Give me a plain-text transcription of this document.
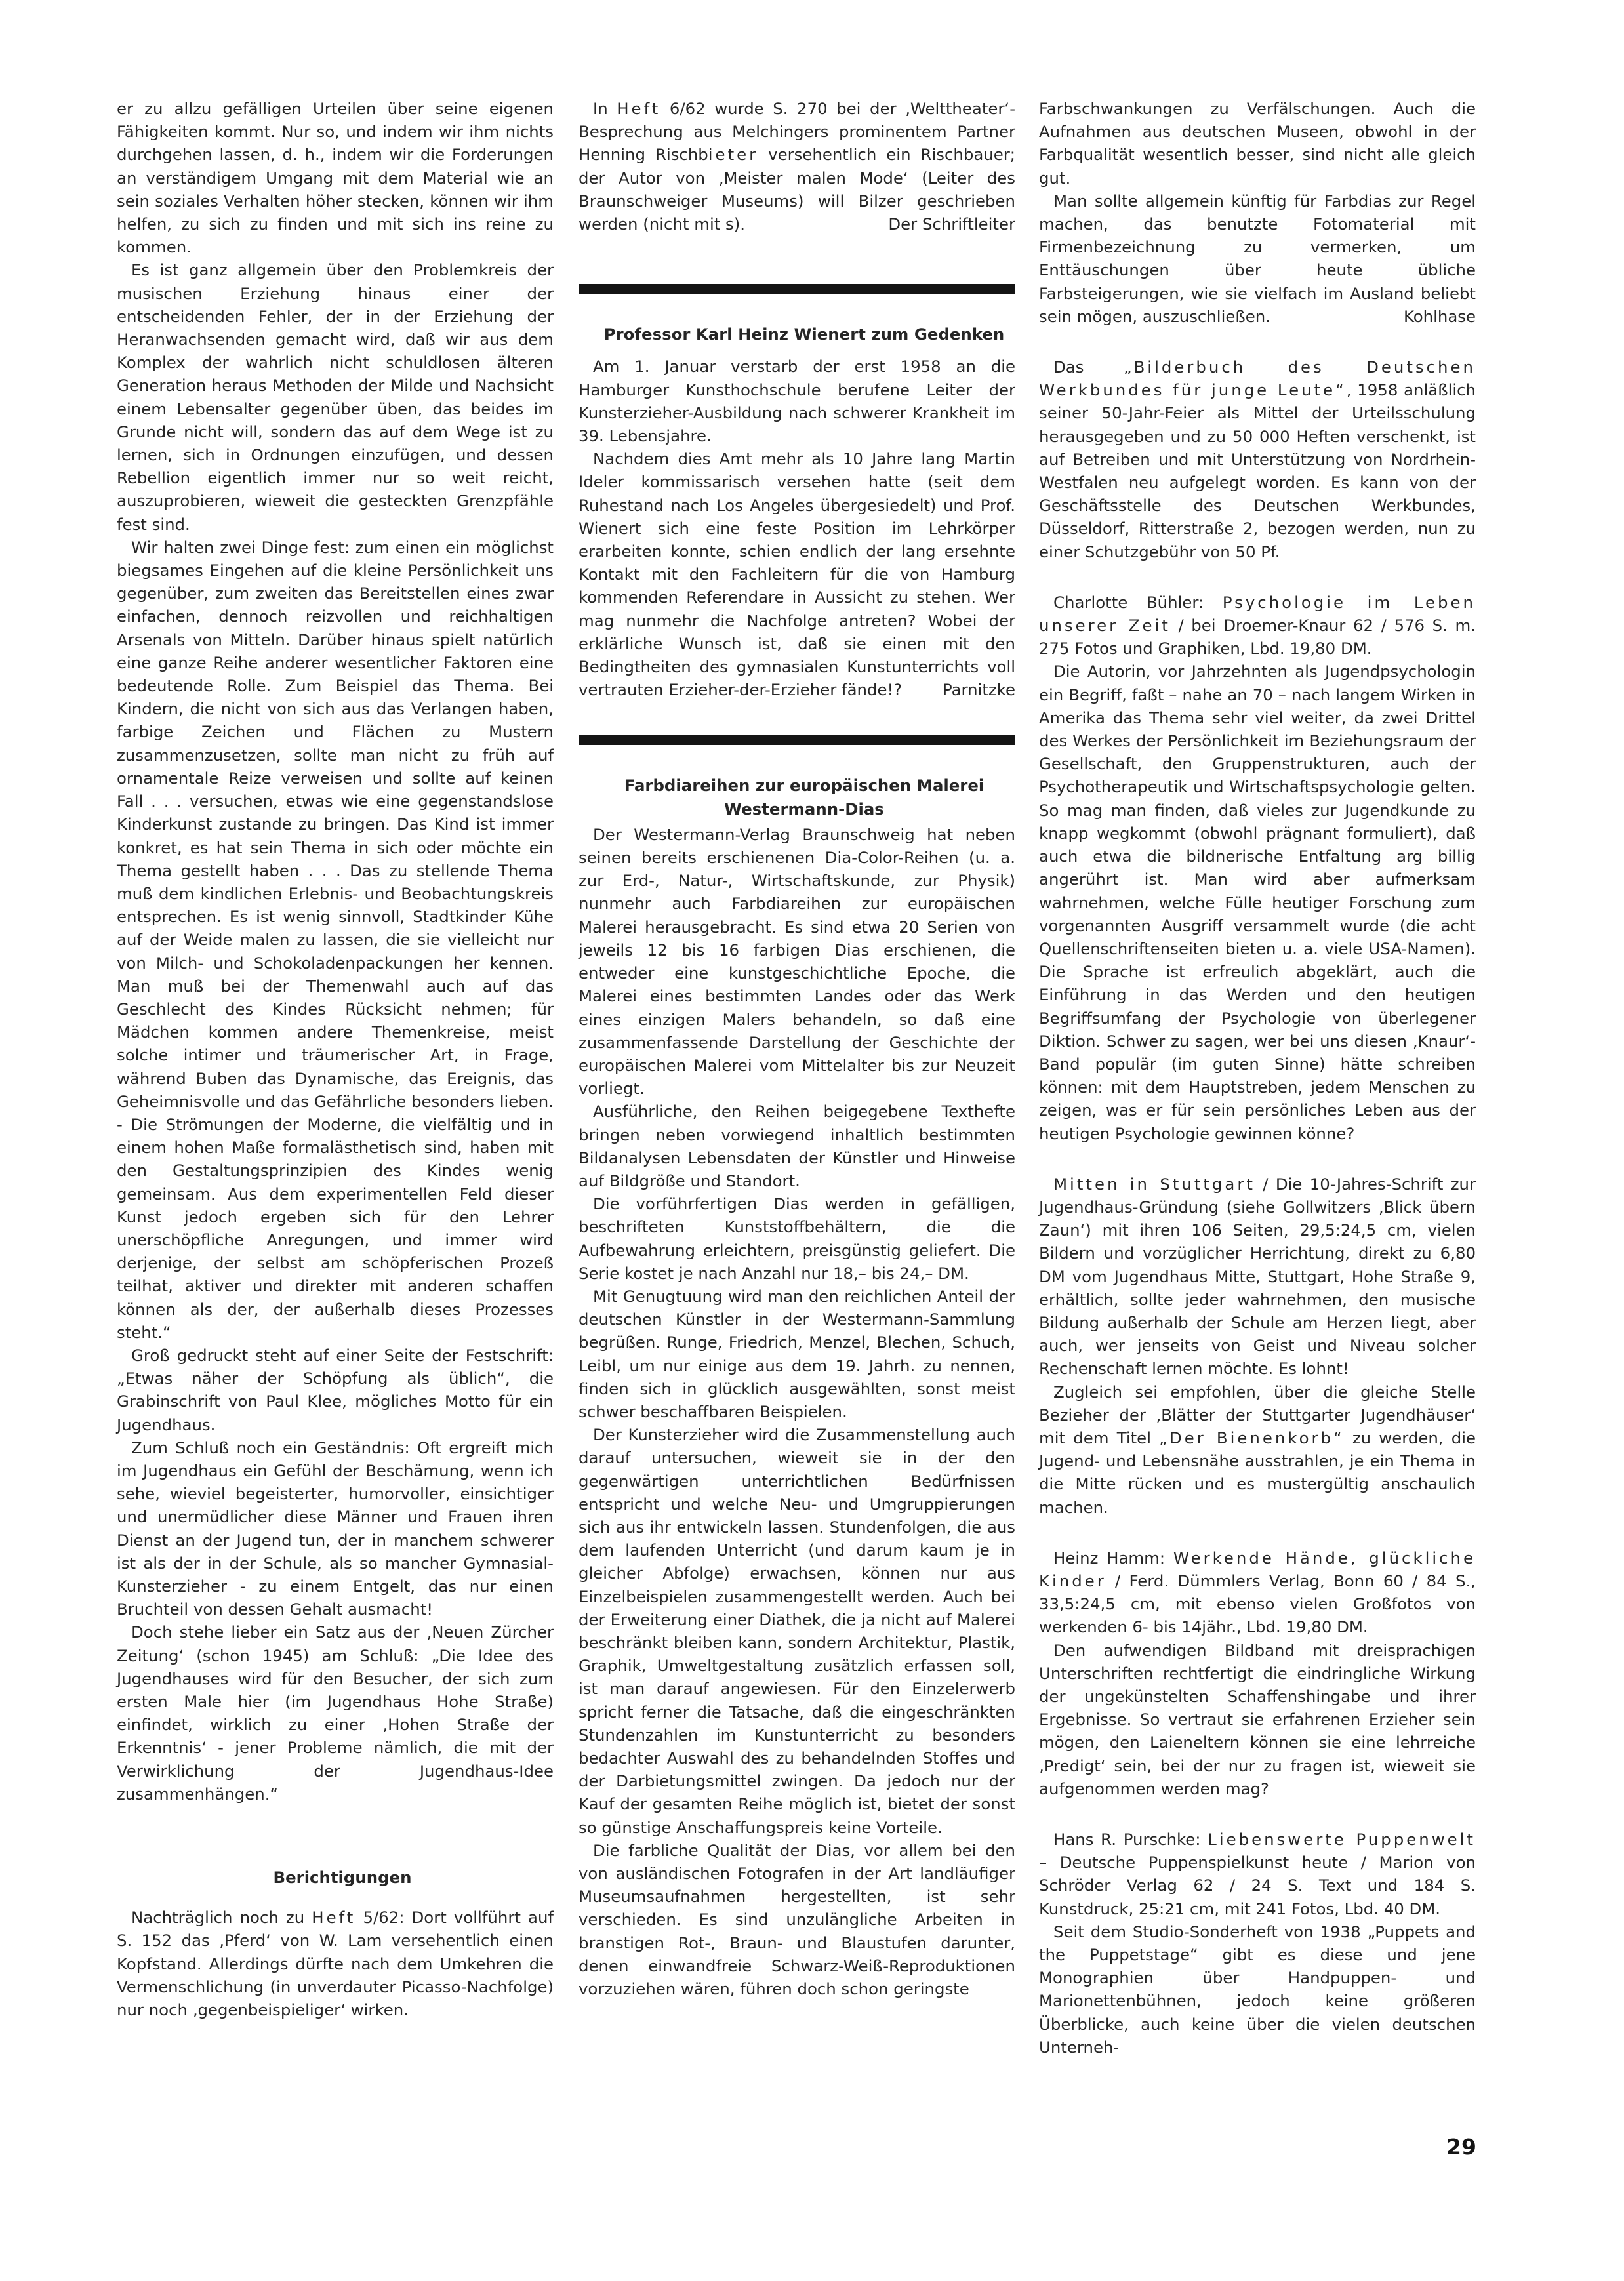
er zu allzu gefälligen Urteilen über seine eigenen Fähigkeiten kommt. Nur so, und indem wir ihm nichts durchgehen lassen, d. h., indem wir die Forderungen an verständigem Umgang mit dem Material wie an sein soziales Verhalten höher stecken, können wir ihm helfen, zu sich zu finden und mit sich ins reine zu kommen.

Es ist ganz allgemein über den Problemkreis der musischen Erziehung hinaus einer der entscheidenden Fehler, der in der Erziehung der Heranwachsenden gemacht wird, daß wir aus dem Komplex der wahrlich nicht schuldlosen älteren Generation heraus Methoden der Milde und Nachsicht einem Lebensalter gegenüber üben, das beides im Grunde nicht will, sondern das auf dem Wege ist zu lernen, sich in Ordnungen einzufügen, und dessen Rebellion eigentlich immer nur so weit reicht, auszuprobieren, wieweit die gesteckten Grenzpfähle fest sind.

Wir halten zwei Dinge fest: zum einen ein möglichst biegsames Eingehen auf die kleine Persönlichkeit uns gegenüber, zum zweiten das Bereitstellen eines zwar einfachen, dennoch reizvollen und reichhaltigen Arsenals von Mitteln. Darüber hinaus spielt natürlich eine ganze Reihe anderer wesentlicher Faktoren eine bedeutende Rolle. Zum Beispiel das Thema. Bei Kindern, die nicht von sich aus das Verlangen haben, farbige Zeichen und Flächen zu Mustern zusammenzusetzen, sollte man nicht zu früh auf ornamentale Reize verweisen und sollte auf keinen Fall . . . versuchen, etwas wie eine gegenstandslose Kinderkunst zustande zu bringen. Das Kind ist immer konkret, es hat sein Thema in sich oder möchte ein Thema gestellt haben . . . Das zu stellende Thema muß dem kindlichen Erlebnis- und Beobachtungskreis entsprechen. Es ist wenig sinnvoll, Stadtkinder Kühe auf der Weide malen zu lassen, die sie vielleicht nur von Milch- und Schokoladenpackungen her kennen. Man muß bei der Themenwahl auch auf das Geschlecht des Kindes Rücksicht nehmen; für Mädchen kommen andere Themenkreise, meist solche intimer und träumerischer Art, in Frage, während Buben das Dynamische, das Ereignis, das Geheimnisvolle und das Gefährliche besonders lieben. - Die Strömungen der Moderne, die vielfältig und in einem hohen Maße formalästhetisch sind, haben mit den Gestaltungsprinzipien des Kindes wenig gemeinsam. Aus dem experimentellen Feld dieser Kunst jedoch ergeben sich für den Lehrer unerschöpfliche Anregungen, und immer wird derjenige, der selbst am schöpferischen Prozeß teilhat, aktiver und direkter mit anderen schaffen können als der, der außerhalb dieses Prozesses steht.“

Groß gedruckt steht auf einer Seite der Festschrift: „Etwas näher der Schöpfung als üblich“, die Grabinschrift von Paul Klee, mögliches Motto für ein Jugendhaus.

Zum Schluß noch ein Geständnis: Oft ergreift mich im Jugendhaus ein Gefühl der Beschämung, wenn ich sehe, wieviel begeisterter, humorvoller, einsichtiger und unermüdlicher diese Männer und Frauen ihren Dienst an der Jugend tun, der in manchem schwerer ist als der in der Schule, als so mancher Gymnasial-Kunsterzieher - zu einem Entgelt, das nur einen Bruchteil von dessen Gehalt ausmacht!

Doch stehe lieber ein Satz aus der ‚Neuen Zürcher Zeitung‘ (schon 1945) am Schluß: „Die Idee des Jugendhauses wird für den Besucher, der sich zum ersten Male hier (im Jugendhaus Hohe Straße) einfindet, wirklich zu einer ‚Hohen Straße der Erkenntnis‘ - jener Probleme nämlich, die mit der Verwirklichung der Jugendhaus-Idee zusammenhängen.“

Berichtigungen

Nachträglich noch zu Heft 5/62: Dort vollführt auf S. 152 das ‚Pferd‘ von W. Lam versehentlich einen Kopfstand. Allerdings dürfte nach dem Umkehren die Vermenschlichung (in unverdauter Picasso-Nachfolge) nur noch ‚gegenbeispieliger‘ wirken.

In Heft 6/62 wurde S. 270 bei der ‚Welttheater‘-Besprechung aus Melchingers prominentem Partner Henning Rischbieter versehentlich ein Rischbauer; der Autor von ‚Meister malen Mode‘ (Leiter des Braunschweiger Museums) will Bilzer geschrieben werden (nicht mit s).	Der Schriftleiter

Professor Karl Heinz Wienert zum Gedenken

Am 1. Januar verstarb der erst 1958 an die Hamburger Kunsthochschule berufene Leiter der Kunsterzieher-Ausbildung nach schwerer Krankheit im 39. Lebensjahre.

Nachdem dies Amt mehr als 10 Jahre lang Martin Ideler kommissarisch versehen hatte (seit dem Ruhestand nach Los Angeles übergesiedelt) und Prof. Wienert sich eine feste Position im Lehrkörper erarbeiten konnte, schien endlich der lang ersehnte Kontakt mit den Fachleitern für die von Hamburg kommenden Referendare in Aussicht zu stehen. Wer mag nunmehr die Nachfolge antreten? Wobei der erklärliche Wunsch ist, daß sie einen mit den Bedingtheiten des gymnasialen Kunstunterrichts voll vertrauten Erzieher-der-Erzieher fände!?	Parnitzke

Farbdiareihen zur europäischen Malerei

Westermann-Dias

Der Westermann-Verlag Braunschweig hat neben seinen bereits erschienenen Dia-Color-Reihen (u. a. zur Erd-, Natur-, Wirtschaftskunde, zur Physik) nunmehr auch Farbdiareihen zur europäischen Malerei herausgebracht. Es sind etwa 20 Serien von jeweils 12 bis 16 farbigen Dias erschienen, die entweder eine kunstgeschichtliche Epoche, die Malerei eines bestimmten Landes oder das Werk eines einzigen Malers behandeln, so daß eine zusammenfassende Darstellung der Geschichte der europäischen Malerei vom Mittelalter bis zur Neuzeit vorliegt.

Ausführliche, den Reihen beigegebene Texthefte bringen neben vorwiegend inhaltlich bestimmten Bildanalysen Lebensdaten der Künstler und Hinweise auf Bildgröße und Standort.

Die vorführfertigen Dias werden in gefälligen, beschrifteten Kunststoffbehältern, die die Aufbewahrung erleichtern, preisgünstig geliefert. Die Serie kostet je nach Anzahl nur 18,– bis 24,– DM.

Mit Genugtuung wird man den reichlichen Anteil der deutschen Künstler in der Westermann-Sammlung begrüßen. Runge, Friedrich, Menzel, Blechen, Schuch, Leibl, um nur einige aus dem 19. Jahrh. zu nennen, finden sich in glücklich ausgewählten, sonst meist schwer beschaffbaren Beispielen.

Der Kunsterzieher wird die Zusammenstellung auch darauf untersuchen, wieweit sie in der den gegenwärtigen unterrichtlichen Bedürfnissen entspricht und welche Neu- und Umgruppierungen sich aus ihr entwickeln lassen. Stundenfolgen, die aus dem laufenden Unterricht (und darum kaum je in gleicher Abfolge) erwachsen, können nur aus Einzelbeispielen zusammengestellt werden. Auch bei der Erweiterung einer Diathek, die ja nicht auf Malerei beschränkt bleiben kann, sondern Architektur, Plastik, Graphik, Umweltgestaltung zusätzlich erfassen soll, ist man darauf angewiesen. Für den Einzelerwerb spricht ferner die Tatsache, daß die eingeschränkten Stundenzahlen im Kunstunterricht zu besonders bedachter Auswahl des zu behandelnden Stoffes und der Darbietungsmittel zwingen. Da jedoch nur der Kauf der gesamten Reihe möglich ist, bietet der sonst so günstige Anschaffungspreis keine Vorteile.

Die farbliche Qualität der Dias, vor allem bei den von ausländischen Fotografen in der Art landläufiger Museumsaufnahmen hergestellten, ist sehr verschieden. Es sind unzulängliche Arbeiten in branstigen Rot-, Braun- und Blaustufen darunter, denen einwandfreie Schwarz-Weiß-Reproduktionen vorzuziehen wären, führen doch schon geringste

Farbschwankungen zu Verfälschungen. Auch die Aufnahmen aus deutschen Museen, obwohl in der Farbqualität wesentlich besser, sind nicht alle gleich gut.

Man sollte allgemein künftig für Farbdias zur Regel machen, das benutzte Fotomaterial mit Firmenbezeichnung zu vermerken, um Enttäuschungen über heute übliche Farbsteigerungen, wie sie vielfach im Ausland beliebt sein mögen, auszuschließen.	Kohlhase

Das „Bilderbuch des Deutschen Werkbundes für junge Leute“, 1958 anläßlich seiner 50-Jahr-Feier als Mittel der Urteilsschulung herausgegeben und zu 50 000 Heften verschenkt, ist auf Betreiben und mit Unterstützung von Nordrhein-Westfalen neu aufgelegt worden. Es kann von der Geschäftsstelle des Deutschen Werkbundes, Düsseldorf, Ritterstraße 2, bezogen werden, nun zu einer Schutzgebühr von 50 Pf.

Charlotte Bühler: Psychologie im Leben unserer Zeit / bei Droemer-Knaur 62 / 576 S. m. 275 Fotos und Graphiken, Lbd. 19,80 DM.

Die Autorin, vor Jahrzehnten als Jugendpsychologin ein Begriff, faßt – nahe an 70 – nach langem Wirken in Amerika das Thema sehr viel weiter, da zwei Drittel des Werkes der Persönlichkeit im Beziehungsraum der Gesellschaft, den Gruppenstrukturen, auch der Psychotherapeutik und Wirtschaftspsychologie gelten. So mag man finden, daß vieles zur Jugendkunde zu knapp wegkommt (obwohl prägnant formuliert), daß auch etwa die bildnerische Entfaltung arg billig angerührt ist. Man wird aber aufmerksam wahrnehmen, welche Fülle heutiger Forschung zum vorgenannten Ausgriff versammelt wurde (die acht Quellenschriftenseiten bieten u. a. viele USA-Namen). Die Sprache ist erfreulich abgeklärt, auch die Einführung in das Werden und den heutigen Begriffsumfang der Psychologie von überlegener Diktion. Schwer zu sagen, wer bei uns diesen ‚Knaur‘-Band populär (im guten Sinne) hätte schreiben können: mit dem Hauptstreben, jedem Menschen zu zeigen, was er für sein persönliches Leben aus der heutigen Psychologie gewinnen könne?

Mitten in Stuttgart / Die 10-Jahres-Schrift zur Jugendhaus-Gründung (siehe Gollwitzers ‚Blick übern Zaun‘) mit ihren 106 Seiten, 29,5:24,5 cm, vielen Bildern und vorzüglicher Herrichtung, direkt zu 6,80 DM vom Jugendhaus Mitte, Stuttgart, Hohe Straße 9, erhältlich, sollte jeder wahrnehmen, den musische Bildung außerhalb der Schule am Herzen liegt, aber auch, wer jenseits von Geist und Niveau solcher Rechenschaft lernen möchte. Es lohnt!

Zugleich sei empfohlen, über die gleiche Stelle Bezieher der ‚Blätter der Stuttgarter Jugendhäuser‘ mit dem Titel „Der Bienenkorb“ zu werden, die Jugend- und Lebensnähe ausstrahlen, je ein Thema in die Mitte rücken und es mustergültig anschaulich machen.

Heinz Hamm: Werkende Hände, glückliche Kinder / Ferd. Dümmlers Verlag, Bonn 60 / 84 S., 33,5:24,5 cm, mit ebenso vielen Großfotos von werkenden 6- bis 14jähr., Lbd. 19,80 DM.

Den aufwendigen Bildband mit dreisprachigen Unterschriften rechtfertigt die eindringliche Wirkung der ungekünstelten Schaffenshingabe und ihrer Ergebnisse. So vertraut sie erfahrenen Erzieher sein mögen, den Laieneltern können sie eine lehrreiche ‚Predigt‘ sein, bei der nur zu fragen ist, wieweit sie aufgenommen werden mag?

Hans R. Purschke: Liebenswerte Puppenwelt – Deutsche Puppenspielkunst heute / Marion von Schröder Verlag 62 / 24 S. Text und 184 S. Kunstdruck, 25:21 cm, mit 241 Fotos, Lbd. 40 DM.

Seit dem Studio-Sonderheft von 1938 „Puppets and the Puppetstage“ gibt es diese und jene Monographien über Handpuppen- und Marionettenbühnen, jedoch keine größeren Überblicke, auch keine über die vielen deutschen Unterneh-

29
